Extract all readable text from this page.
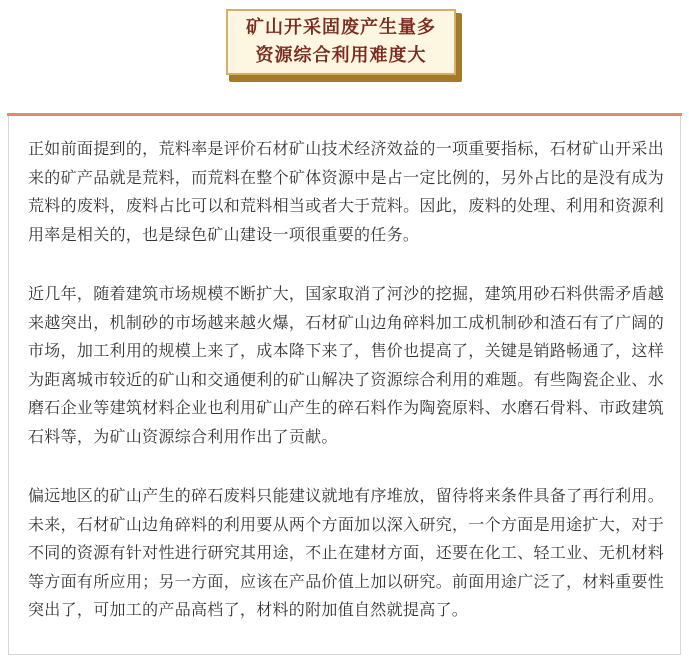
矿山开采固废产生量多
资源综合利用难度大

正如前面提到的，荒料率是评价石材矿山技术经济效益的一项重要指标，石材矿山开采出来的矿产品就是荒料，而荒料在整个矿体资源中是占一定比例的，另外占比的是没有成为荒料的废料，废料占比可以和荒料相当或者大于荒料。因此，废料的处理、利用和资源利用率是相关的，也是绿色矿山建设一项很重要的任务。

近几年，随着建筑市场规模不断扩大，国家取消了河沙的挖掘，建筑用砂石料供需矛盾越来越突出，机制砂的市场越来越火爆，石材矿山边角碎料加工成机制砂和渣石有了广阔的市场，加工利用的规模上来了，成本降下来了，售价也提高了，关键是销路畅通了，这样为距离城市较近的矿山和交通便利的矿山解决了资源综合利用的难题。有些陶瓷企业、水磨石企业等建筑材料企业也利用矿山产生的碎石料作为陶瓷原料、水磨石骨料、市政建筑石料等，为矿山资源综合利用作出了贡献。

偏远地区的矿山产生的碎石废料只能建议就地有序堆放，留待将来条件具备了再行利用。未来，石材矿山边角碎料的利用要从两个方面加以深入研究，一个方面是用途扩大，对于不同的资源有针对性进行研究其用途，不止在建材方面，还要在化工、轻工业、无机材料等方面有所应用；另一方面，应该在产品价值上加以研究。前面用途广泛了，材料重要性突出了，可加工的产品高档了，材料的附加值自然就提高了。
